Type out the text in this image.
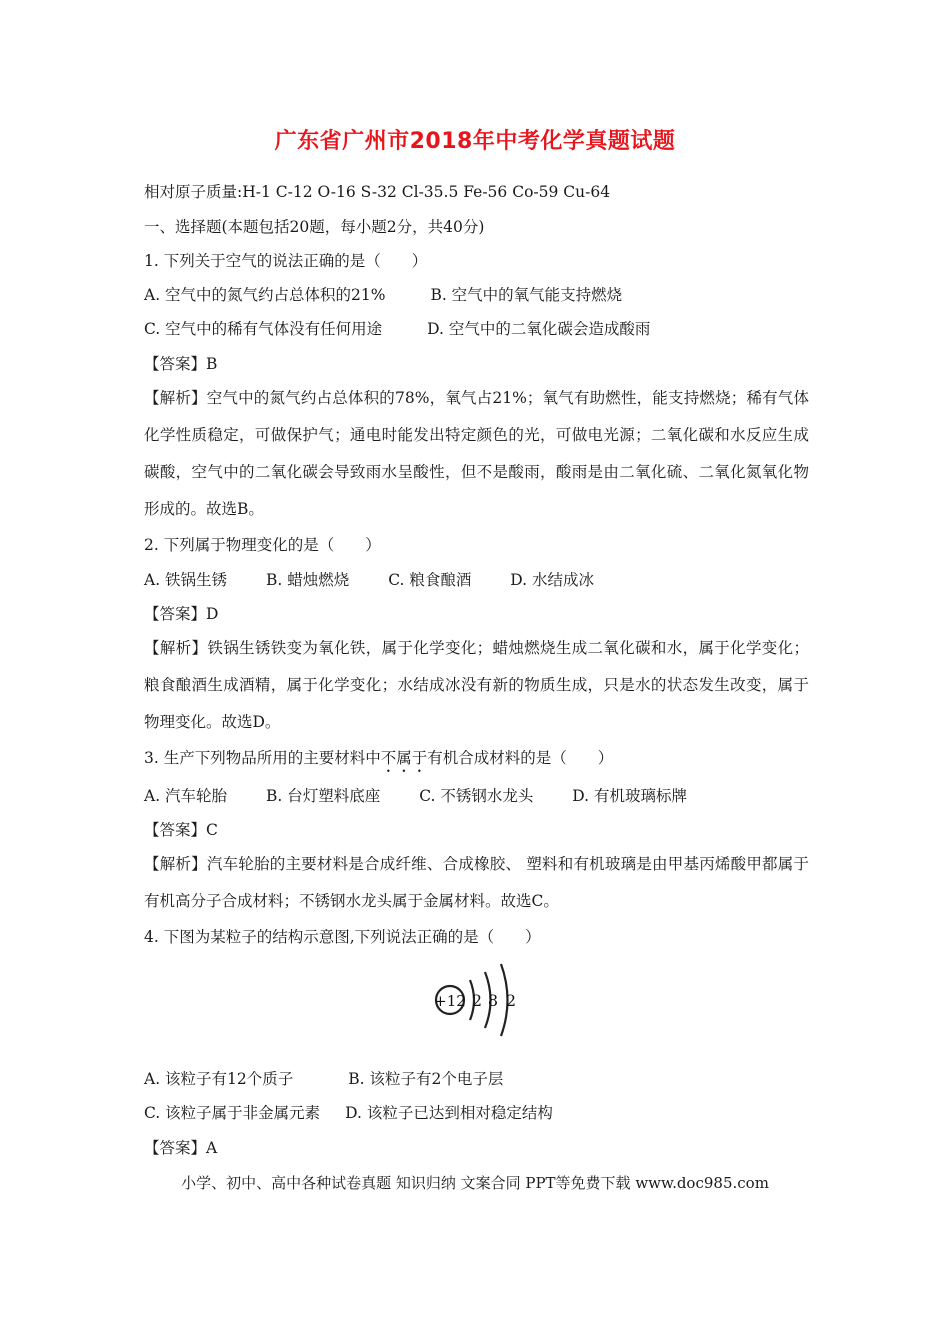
广东省广州市2018年中考化学真题试题
相对原子质量:H-1 C-12 O-16 S-32 Cl-35.5 Fe-56 Co-59 Cu-64
一、选择题(本题包括20题，每小题2分，共40分)
1. 下列关于空气的说法正确的是（　　）
A. 空气中的氮气约占总体积的21%	B. 空气中的氧气能支持燃烧
C. 空气中的稀有气体没有任何用途	D. 空气中的二氧化碳会造成酸雨
【答案】B
【解析】空气中的氮气约占总体积的78%，氧气占21%；氧气有助燃性，能支持燃烧；稀有气体化学性质稳定，可做保护气；通电时能发出特定颜色的光，可做电光源；二氧化碳和水反应生成碳酸，空气中的二氧化碳会导致雨水呈酸性，但不是酸雨，酸雨是由二氧化硫、二氧化氮氧化物形成的。故选B。
2. 下列属于物理变化的是（　　）
A. 铁锅生锈	B. 蜡烛燃烧	C. 粮食酿酒	D. 水结成冰
【答案】D
【解析】铁锅生锈铁变为氧化铁，属于化学变化；蜡烛燃烧生成二氧化碳和水，属于化学变化；粮食酿酒生成酒精，属于化学变化；水结成冰没有新的物质生成，只是水的状态发生改变，属于物理变化。故选D。
3. 生产下列物品所用的主要材料中不属于有机合成材料的是（　　）
A. 汽车轮胎	B. 台灯塑料底座	C. 不锈钢水龙头	D. 有机玻璃标牌
【答案】C
【解析】汽车轮胎的主要材料是合成纤维、合成橡胶、 塑料和有机玻璃是由甲基丙烯酸甲都属于有机高分子合成材料；不锈钢水龙头属于金属材料。故选C。
4. 下图为某粒子的结构示意图,下列说法正确的是（　　）
+12 2 8 2
A. 该粒子有12个质子	B. 该粒子有2个电子层
C. 该粒子属于非金属元素 D. 该粒子已达到相对稳定结构
【答案】A
小学、初中、高中各种试卷真题 知识归纳 文案合同 PPT等免费下载 www.doc985.com
